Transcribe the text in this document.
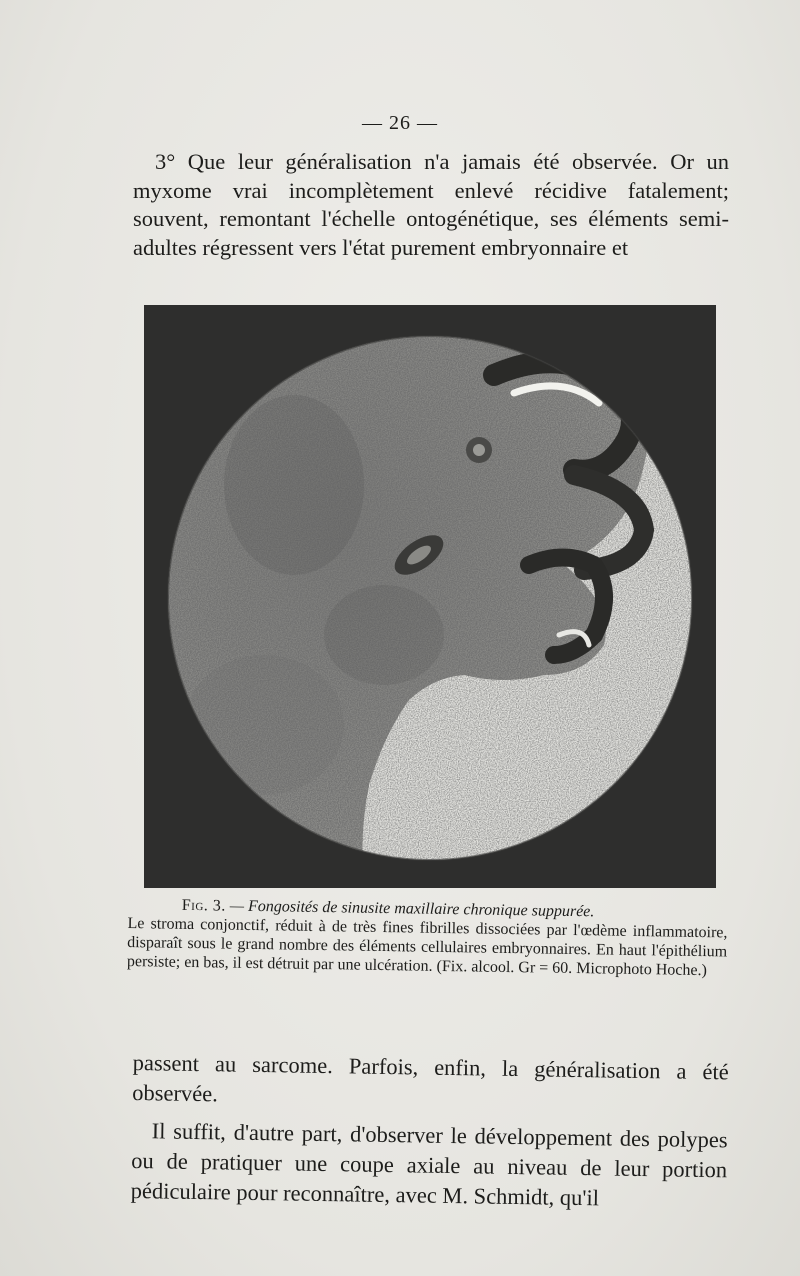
— 26 —

3° Que leur généralisation n'a jamais été observée. Or un myxome vrai incomplètement enlevé récidive fatalement; souvent, remontant l'échelle ontogénétique, ses éléments semi-adultes régressent vers l'état purement embryonnaire et

Fig. 3. — Fongosités de sinusite maxillaire chronique suppurée.
Le stroma conjonctif, réduit à de très fines fibrilles dissociées par l'œdème inflammatoire, disparaît sous le grand nombre des éléments cellulaires embryonnaires. En haut l'épithélium persiste; en bas, il est détruit par une ulcération. (Fix. alcool. Gr = 60. Microphoto Hoche.)

passent au sarcome. Parfois, enfin, la généralisation a été observée.

Il suffit, d'autre part, d'observer le développement des polypes ou de pratiquer une coupe axiale au niveau de leur portion pédiculaire pour reconnaître, avec M. Schmidt, qu'il
